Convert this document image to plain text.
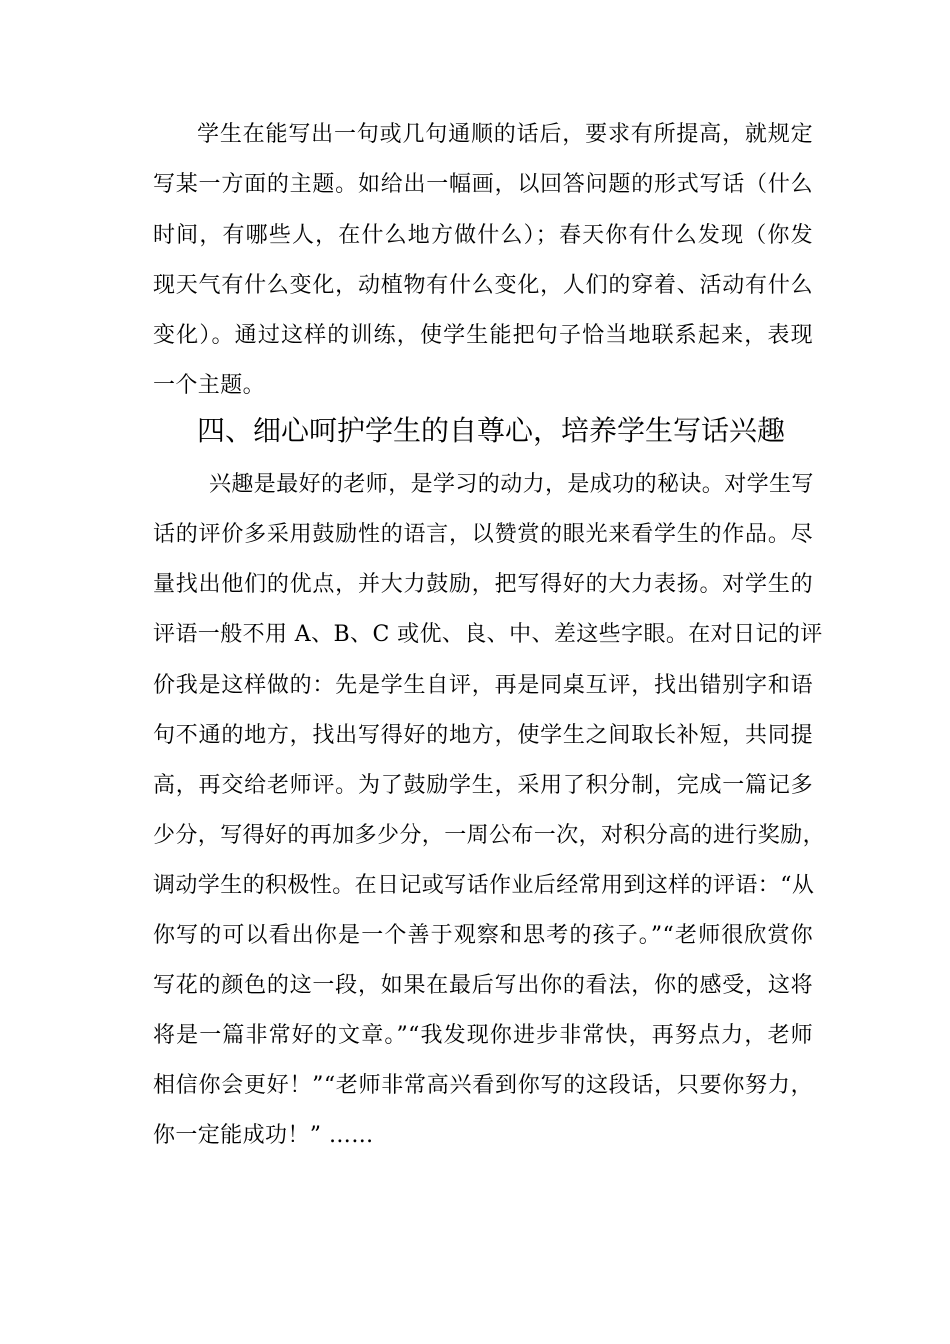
学生在能写出一句或几句通顺的话后，要求有所提高，就规定
写某一方面的主题。如给出一幅画，以回答问题的形式写话（什么
时间，有哪些人，在什么地方做什么）；春天你有什么发现（你发
现天气有什么变化，动植物有什么变化，人们的穿着、活动有什么
变化）。通过这样的训练，使学生能把句子恰当地联系起来，表现
一个主题。
四、细心呵护学生的自尊心，培养学生写话兴趣
兴趣是最好的老师，是学习的动力，是成功的秘诀。对学生写
话的评价多采用鼓励性的语言，以赞赏的眼光来看学生的作品。尽
量找出他们的优点，并大力鼓励，把写得好的大力表扬。对学生的
评语一般不用 A、B、C 或优、良、中、差这些字眼。在对日记的评
价我是这样做的：先是学生自评，再是同桌互评，找出错别字和语
句不通的地方，找出写得好的地方，使学生之间取长补短，共同提
高，再交给老师评。为了鼓励学生，采用了积分制，完成一篇记多
少分，写得好的再加多少分，一周公布一次，对积分高的进行奖励，
调动学生的积极性。在日记或写话作业后经常用到这样的评语：“从
你写的可以看出你是一个善于观察和思考的孩子。”“老师很欣赏你
写花的颜色的这一段，如果在最后写出你的看法，你的感受，这将
将是一篇非常好的文章。”“我发现你进步非常快，再努点力，老师
相信你会更好！”“老师非常高兴看到你写的这段话，只要你努力，
你一定能成功！” ……
